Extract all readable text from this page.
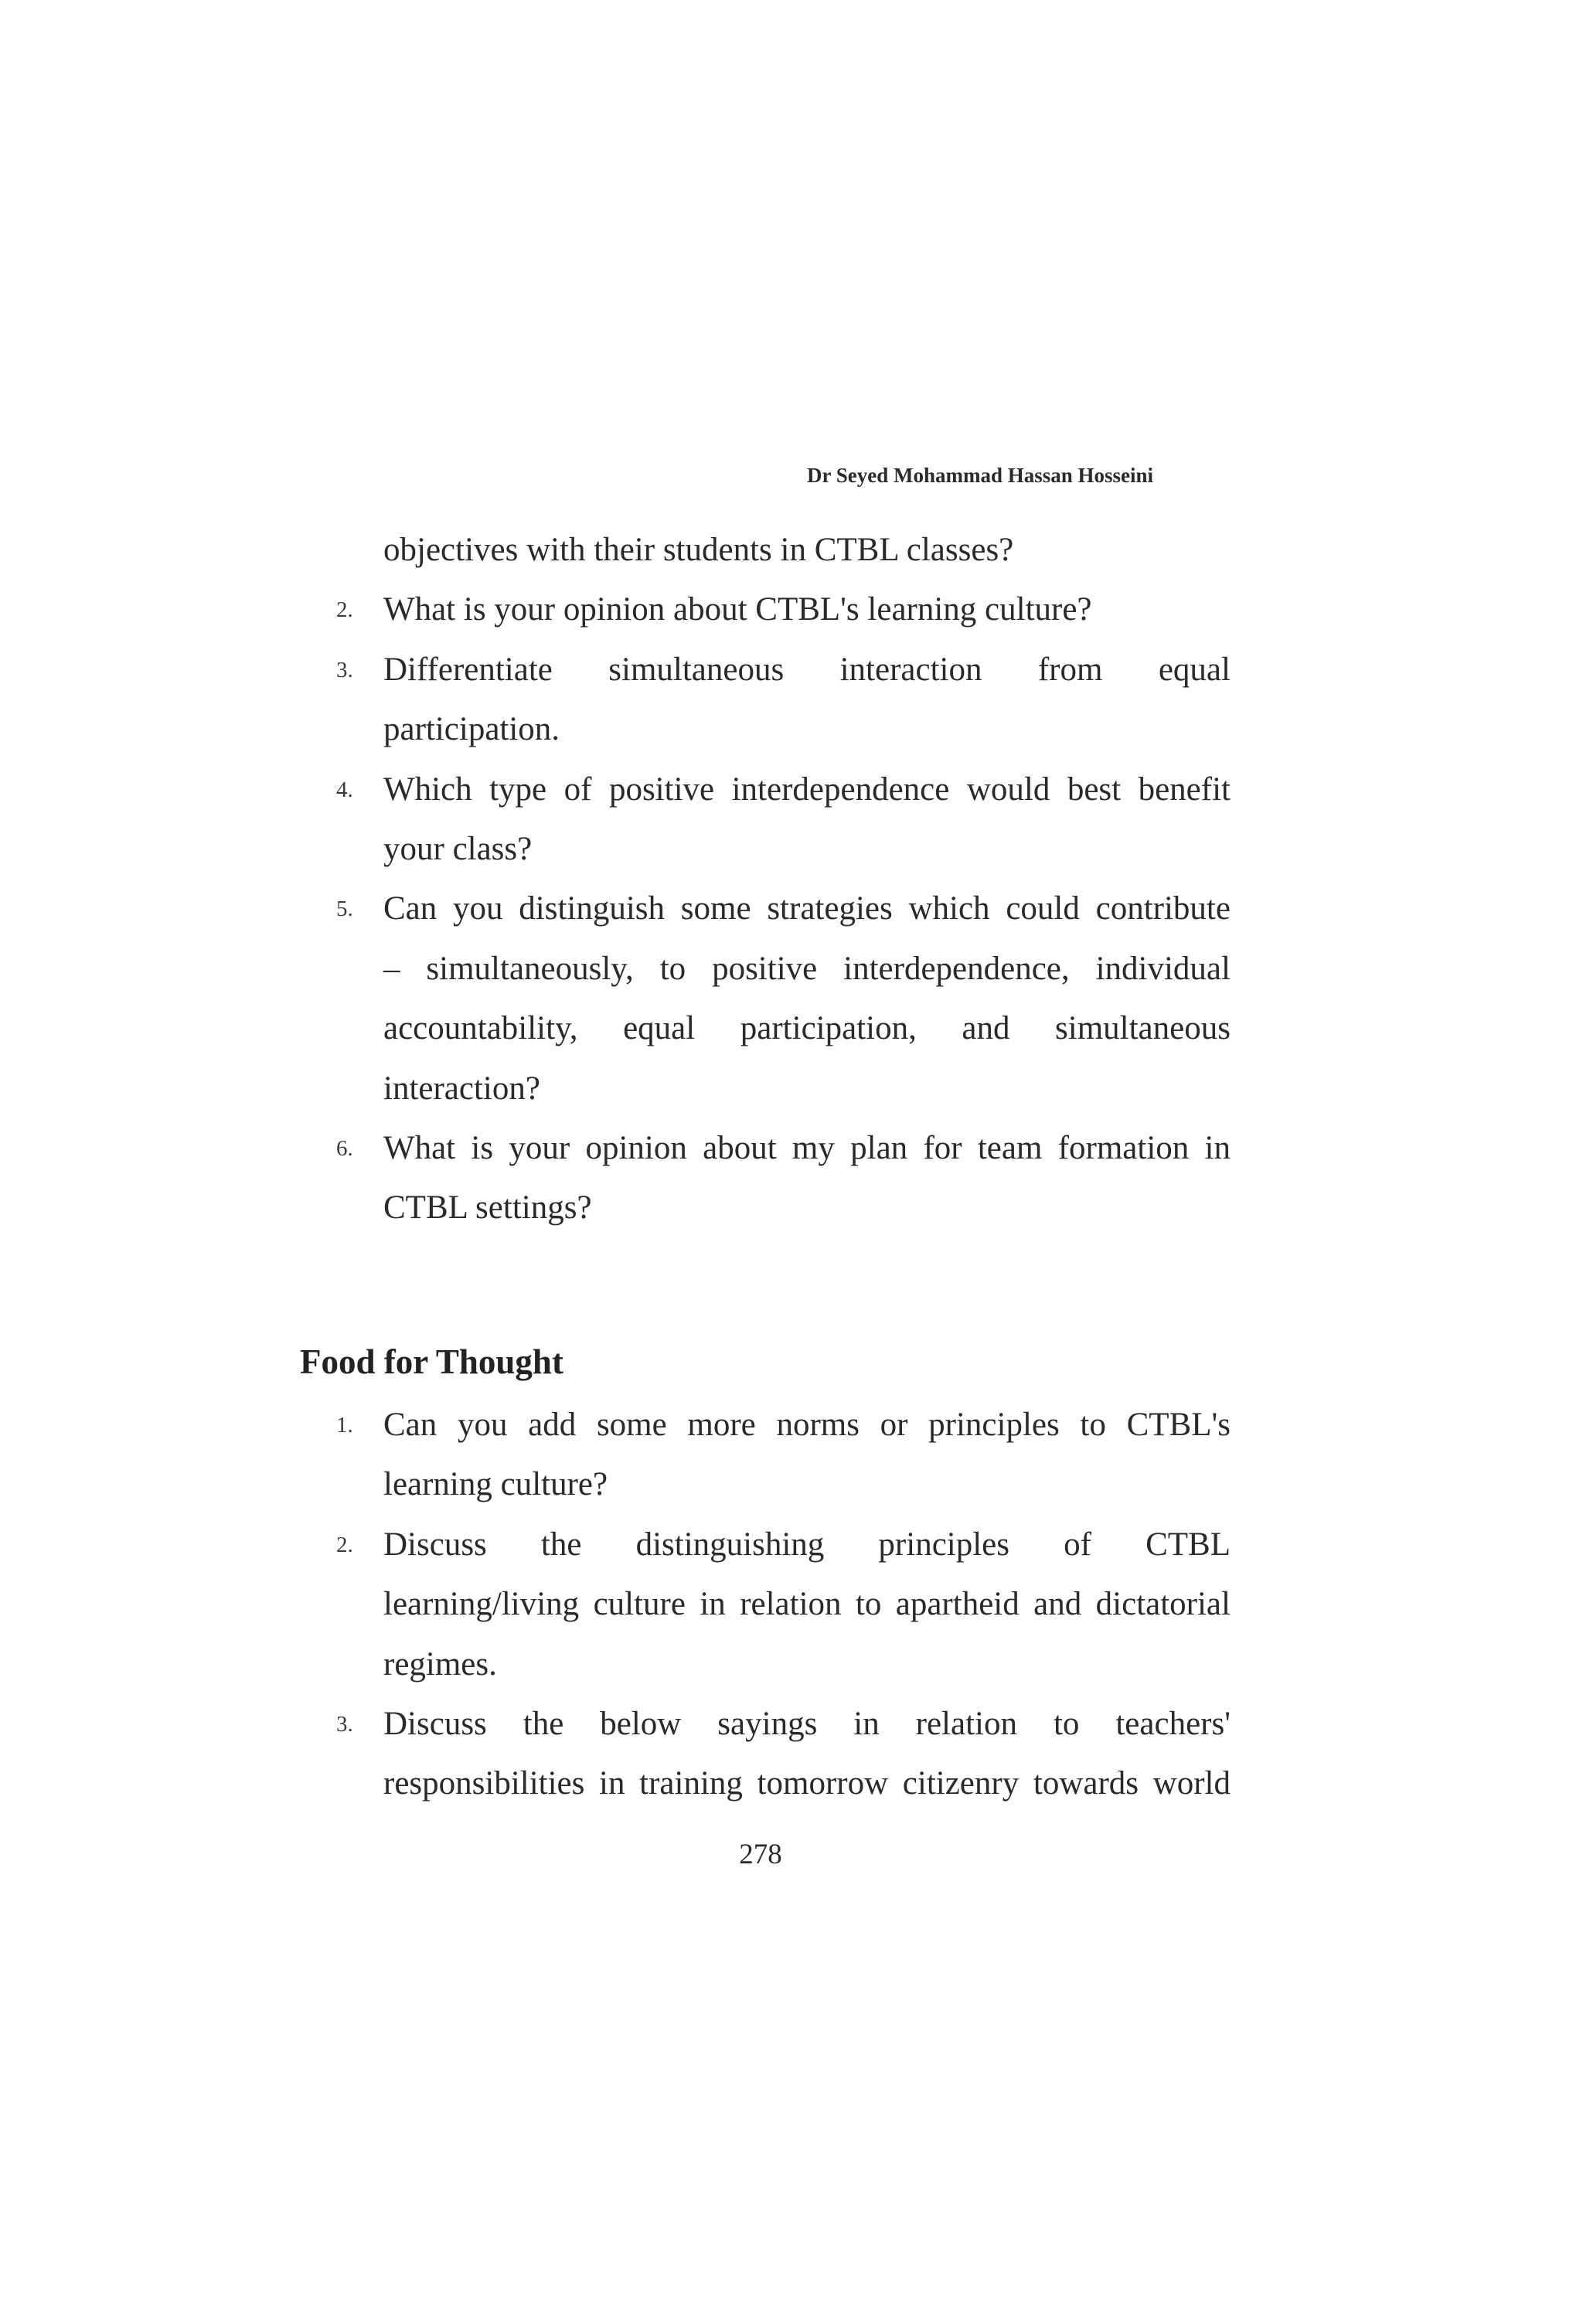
Dr Seyed Mohammad Hassan Hosseini
objectives with their students in CTBL classes?
2. What is your opinion about CTBL's learning culture?
3. Differentiate simultaneous interaction from equal
participation.
4. Which type of positive interdependence would best benefit
your class?
5. Can you distinguish some strategies which could contribute
– simultaneously, to positive interdependence, individual
accountability, equal participation, and simultaneous
interaction?
6. What is your opinion about my plan for team formation in
CTBL settings?
Food for Thought
1. Can you add some more norms or principles to CTBL's
learning culture?
2. Discuss the distinguishing principles of CTBL
learning/living culture in relation to apartheid and dictatorial
regimes.
3. Discuss the below sayings in relation to teachers'
responsibilities in training tomorrow citizenry towards world
278
